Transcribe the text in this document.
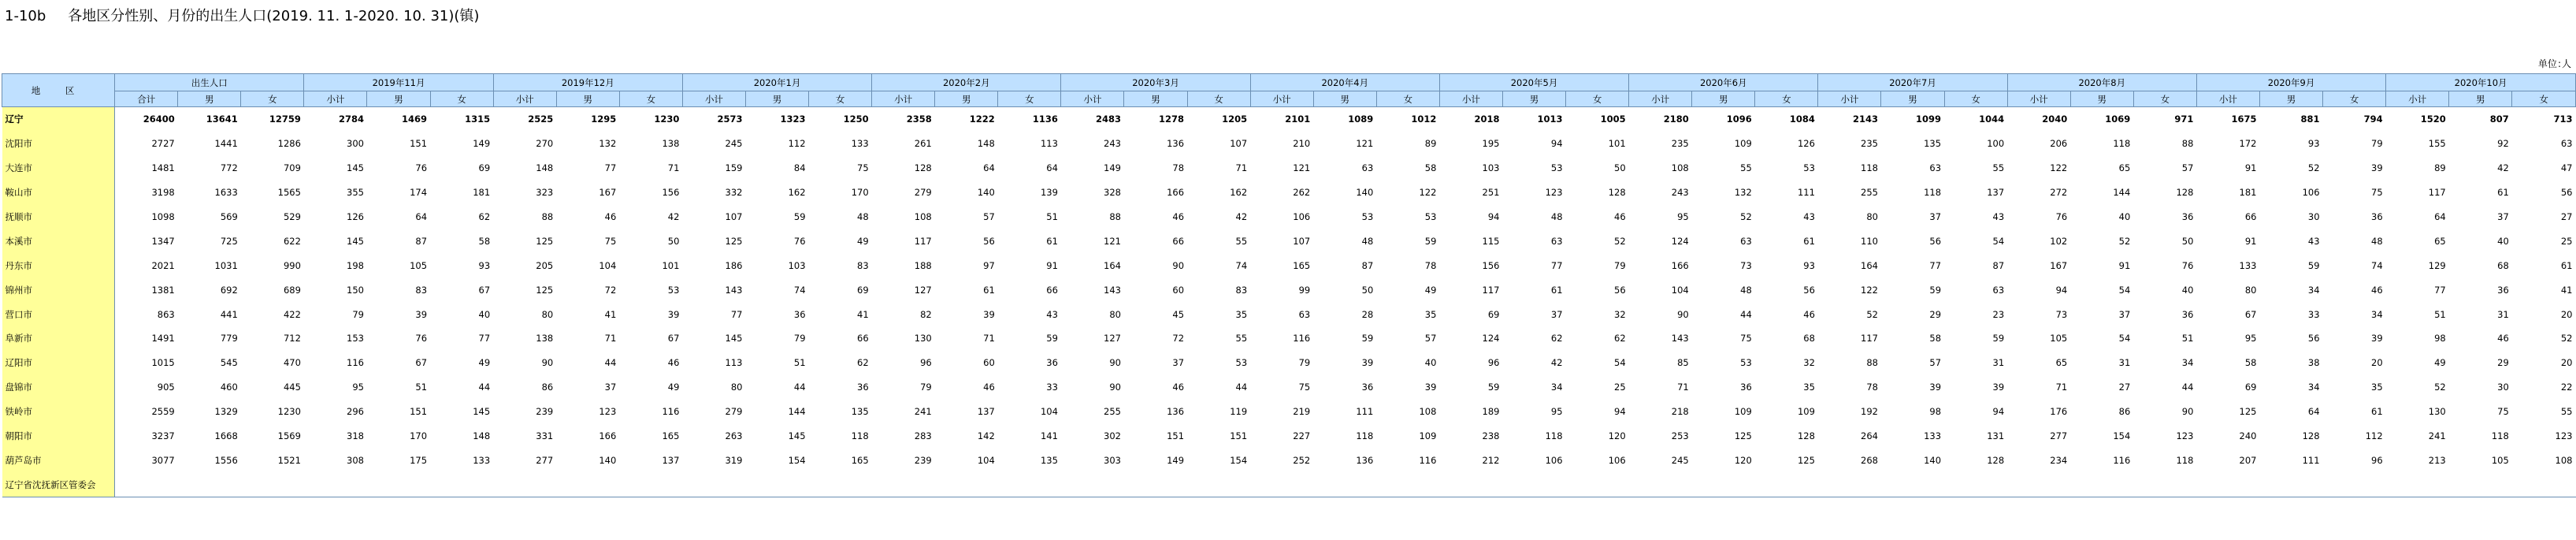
1-10b 各地区分性别、月份的出生人口(2019. 11. 1-2020. 10. 31)(镇)
单位:人
地 区	出生人口			2019年11月			2019年12月			2020年1月			2020年2月			2020年3月			2020年4月			2020年5月			2020年6月			2020年7月			2020年8月			2020年9月			2020年10月		
	合计	男	女	小计	男	女	小计	男	女	小计	男	女	小计	男	女	小计	男	女	小计	男	女	小计	男	女	小计	男	女	小计	男	女	小计	男	女	小计	男	女	小计	男	女
辽宁	26400	13641	12759	2784	1469	1315	2525	1295	1230	2573	1323	1250	2358	1222	1136	2483	1278	1205	2101	1089	1012	2018	1013	1005	2180	1096	1084	2143	1099	1044	2040	1069	971	1675	881	794	1520	807	713
沈阳市	2727	1441	1286	300	151	149	270	132	138	245	112	133	261	148	113	243	136	107	210	121	89	195	94	101	235	109	126	235	135	100	206	118	88	172	93	79	155	92	63
大连市	1481	772	709	145	76	69	148	77	71	159	84	75	128	64	64	149	78	71	121	63	58	103	53	50	108	55	53	118	63	55	122	65	57	91	52	39	89	42	47
鞍山市	3198	1633	1565	355	174	181	323	167	156	332	162	170	279	140	139	328	166	162	262	140	122	251	123	128	243	132	111	255	118	137	272	144	128	181	106	75	117	61	56
抚顺市	1098	569	529	126	64	62	88	46	42	107	59	48	108	57	51	88	46	42	106	53	53	94	48	46	95	52	43	80	37	43	76	40	36	66	30	36	64	37	27
本溪市	1347	725	622	145	87	58	125	75	50	125	76	49	117	56	61	121	66	55	107	48	59	115	63	52	124	63	61	110	56	54	102	52	50	91	43	48	65	40	25
丹东市	2021	1031	990	198	105	93	205	104	101	186	103	83	188	97	91	164	90	74	165	87	78	156	77	79	166	73	93	164	77	87	167	91	76	133	59	74	129	68	61
锦州市	1381	692	689	150	83	67	125	72	53	143	74	69	127	61	66	143	60	83	99	50	49	117	61	56	104	48	56	122	59	63	94	54	40	80	34	46	77	36	41
营口市	863	441	422	79	39	40	80	41	39	77	36	41	82	39	43	80	45	35	63	28	35	69	37	32	90	44	46	52	29	23	73	37	36	67	33	34	51	31	20
阜新市	1491	779	712	153	76	77	138	71	67	145	79	66	130	71	59	127	72	55	116	59	57	124	62	62	143	75	68	117	58	59	105	54	51	95	56	39	98	46	52
辽阳市	1015	545	470	116	67	49	90	44	46	113	51	62	96	60	36	90	37	53	79	39	40	96	42	54	85	53	32	88	57	31	65	31	34	58	38	20	49	29	20
盘锦市	905	460	445	95	51	44	86	37	49	80	44	36	79	46	33	90	46	44	75	36	39	59	34	25	71	36	35	78	39	39	71	27	44	69	34	35	52	30	22
铁岭市	2559	1329	1230	296	151	145	239	123	116	279	144	135	241	137	104	255	136	119	219	111	108	189	95	94	218	109	109	192	98	94	176	86	90	125	64	61	130	75	55
朝阳市	3237	1668	1569	318	170	148	331	166	165	263	145	118	283	142	141	302	151	151	227	118	109	238	118	120	253	125	128	264	133	131	277	154	123	240	128	112	241	118	123
葫芦岛市	3077	1556	1521	308	175	133	277	140	137	319	154	165	239	104	135	303	149	154	252	136	116	212	106	106	245	120	125	268	140	128	234	116	118	207	111	96	213	105	108
辽宁省沈抚新区管委会																																							
